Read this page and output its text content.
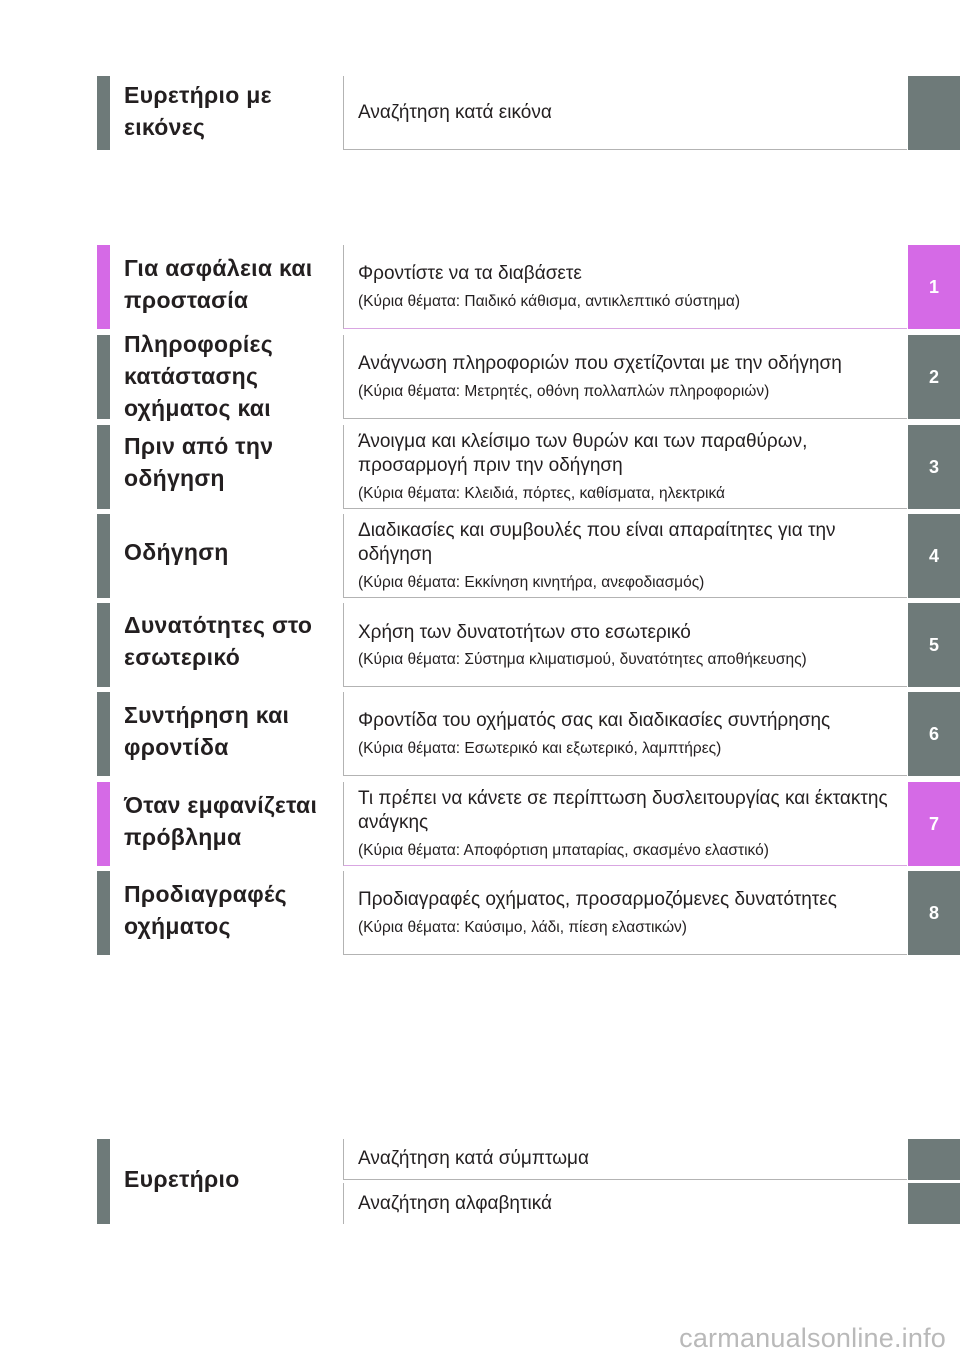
Ευρετήριο με εικόνες
Αναζήτηση κατά εικόνα
Για ασφάλεια και προστασία
Φροντίστε να τα διαβάσετε
(Κύρια θέματα: Παιδικό κάθισμα, αντικλεπτικό σύστημα)
1
Πληροφορίες κατάστασης οχήματος και
Ανάγνωση πληροφοριών που σχετίζονται με την οδήγηση
(Κύρια θέματα: Μετρητές, οθόνη πολλαπλών πληροφοριών)
2
Πριν από την οδήγηση
Άνοιγμα και κλείσιμο των θυρών και των παραθύρων, προσαρμογή πριν την οδήγηση
(Κύρια θέματα: Κλειδιά, πόρτες, καθίσματα, ηλεκτρικά
3
Οδήγηση
Διαδικασίες και συμβουλές που είναι απαραίτητες για την οδήγηση
(Κύρια θέματα: Εκκίνηση κινητήρα, ανεφοδιασμός)
4
Δυνατότητες στο εσωτερικό
Χρήση των δυνατοτήτων στο εσωτερικό
(Κύρια θέματα: Σύστημα κλιματισμού, δυνατότητες αποθήκευσης)
5
Συντήρηση και φροντίδα
Φροντίδα του οχήματός σας και διαδικασίες συντήρησης
(Κύρια θέματα: Εσωτερικό και εξωτερικό, λαμπτήρες)
6
Όταν εμφανίζεται πρόβλημα
Τι πρέπει να κάνετε σε περίπτωση δυσλειτουργίας και έκτακτης ανάγκης
(Κύρια θέματα: Αποφόρτιση μπαταρίας, σκασμένο ελαστικό)
7
Προδιαγραφές οχήματος
Προδιαγραφές οχήματος, προσαρμοζόμενες δυνατότητες
(Κύρια θέματα: Καύσιμο, λάδι, πίεση ελαστικών)
8
Ευρετήριο
Αναζήτηση κατά σύμπτωμα
Αναζήτηση αλφαβητικά
carmanualsonline.info
